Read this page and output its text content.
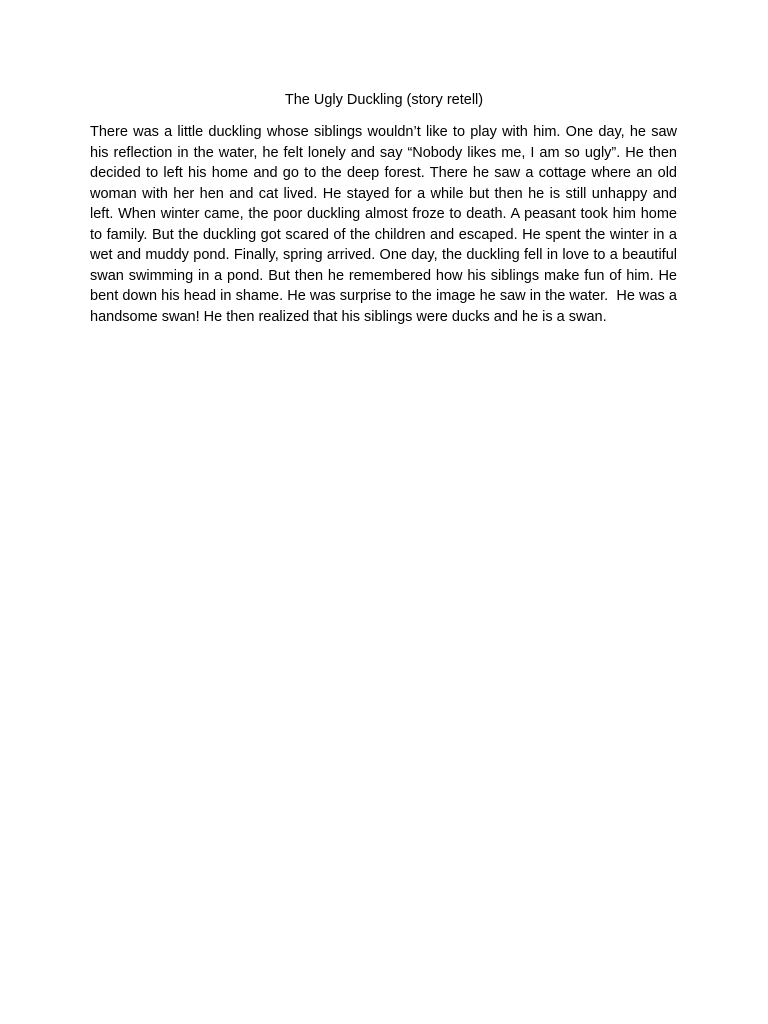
The Ugly Duckling (story retell)

There was a little duckling whose siblings wouldn’t like to play with him. One day, he saw his reflection in the water, he felt lonely and say “Nobody likes me, I am so ugly”. He then decided to left his home and go to the deep forest. There he saw a cottage where an old woman with her hen and cat lived. He stayed for a while but then he is still unhappy and left. When winter came, the poor duckling almost froze to death. A peasant took him home to family. But the duckling got scared of the children and escaped. He spent the winter in a wet and muddy pond. Finally, spring arrived. One day, the duckling fell in love to a beautiful swan swimming in a pond. But then he remembered how his siblings make fun of him. He bent down his head in shame. He was surprise to the image he saw in the water.  He was a handsome swan! He then realized that his siblings were ducks and he is a swan.
